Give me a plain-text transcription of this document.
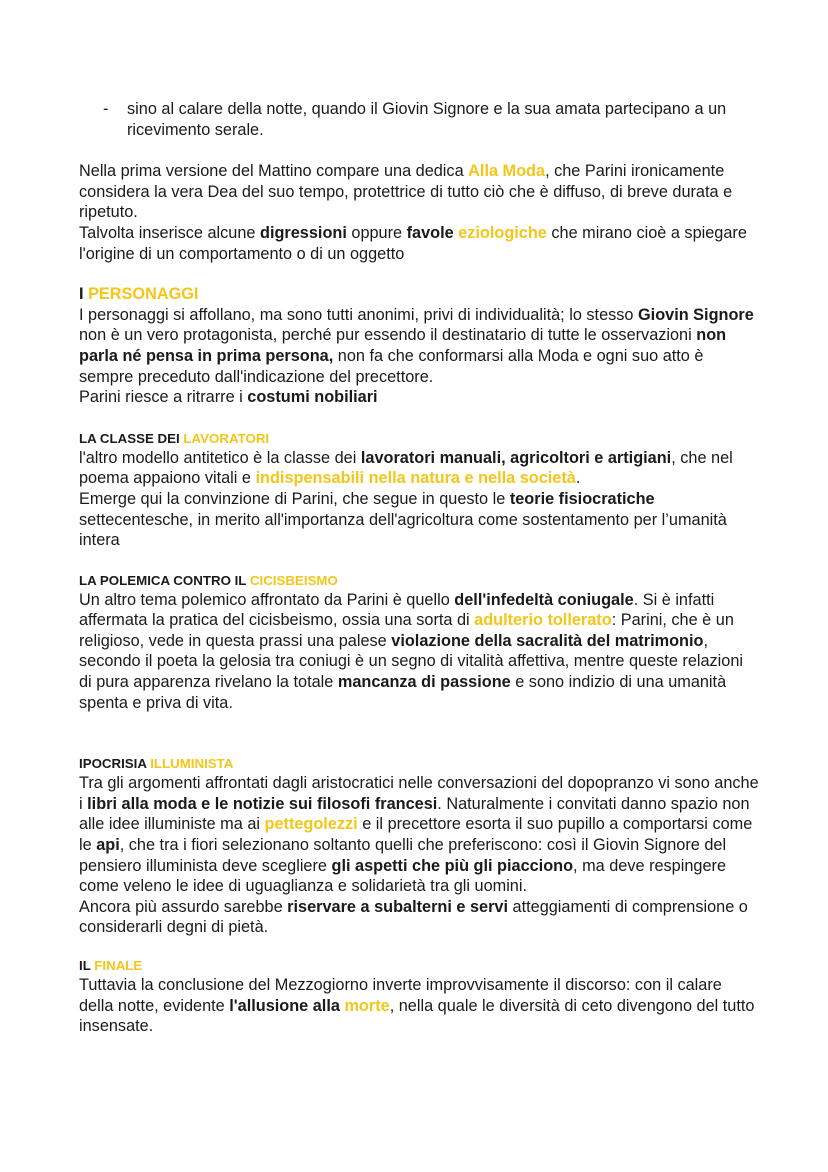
- sino al calare della notte, quando il Giovin Signore e la sua amata partecipano a un ricevimento serale.

Nella prima versione del Mattino compare una dedica Alla Moda, che Parini ironicamente considera la vera Dea del suo tempo, protettrice di tutto ciò che è diffuso, di breve durata e ripetuto.

Talvolta inserisce alcune digressioni oppure favole eziologiche che mirano cioè a spiegare l'origine di un comportamento o di un oggetto

I PERSONAGGI

I personaggi si affollano, ma sono tutti anonimi, privi di individualità; lo stesso Giovin Signore non è un vero protagonista, perché pur essendo il destinatario di tutte le osservazioni non parla né pensa in prima persona, non fa che conformarsi alla Moda e ogni suo atto è sempre preceduto dall'indicazione del precettore.

Parini riesce a ritrarre i costumi nobiliari

LA CLASSE DEI LAVORATORI

l'altro modello antitetico è la classe dei lavoratori manuali, agricoltori e artigiani, che nel poema appaiono vitali e indispensabili nella natura e nella società.

Emerge qui la convinzione di Parini, che segue in questo le teorie fisiocratiche settecentesche, in merito all'importanza dell'agricoltura come sostentamento per l’umanità intera

LA POLEMICA CONTRO IL CICISBEISMO

Un altro tema polemico affrontato da Parini è quello dell'infedeltà coniugale. Si è infatti affermata la pratica del cicisbeismo, ossia una sorta di adulterio tollerato: Parini, che è un religioso, vede in questa prassi una palese violazione della sacralità del matrimonio, secondo il poeta la gelosia tra coniugi è un segno di vitalità affettiva, mentre queste relazioni di pura apparenza rivelano la totale mancanza di passione e sono indizio di una umanità spenta e priva di vita.

IPOCRISIA ILLUMINISTA

Tra gli argomenti affrontati dagli aristocratici nelle conversazioni del dopopranzo vi sono anche i libri alla moda e le notizie sui filosofi francesi. Naturalmente i convitati danno spazio non alle idee illuministe ma ai pettegolezzi e il precettore esorta il suo pupillo a comportarsi come le api, che tra i fiori selezionano soltanto quelli che preferiscono: così il Giovin Signore del pensiero illuminista deve scegliere gli aspetti che più gli piacciono, ma deve respingere come veleno le idee di uguaglianza e solidarietà tra gli uomini.

Ancora più assurdo sarebbe riservare a subalterni e servi atteggiamenti di comprensione o considerarli degni di pietà.

IL FINALE

Tuttavia la conclusione del Mezzogiorno inverte improvvisamente il discorso: con il calare della notte, evidente l'allusione alla morte, nella quale le diversità di ceto divengono del tutto insensate.
